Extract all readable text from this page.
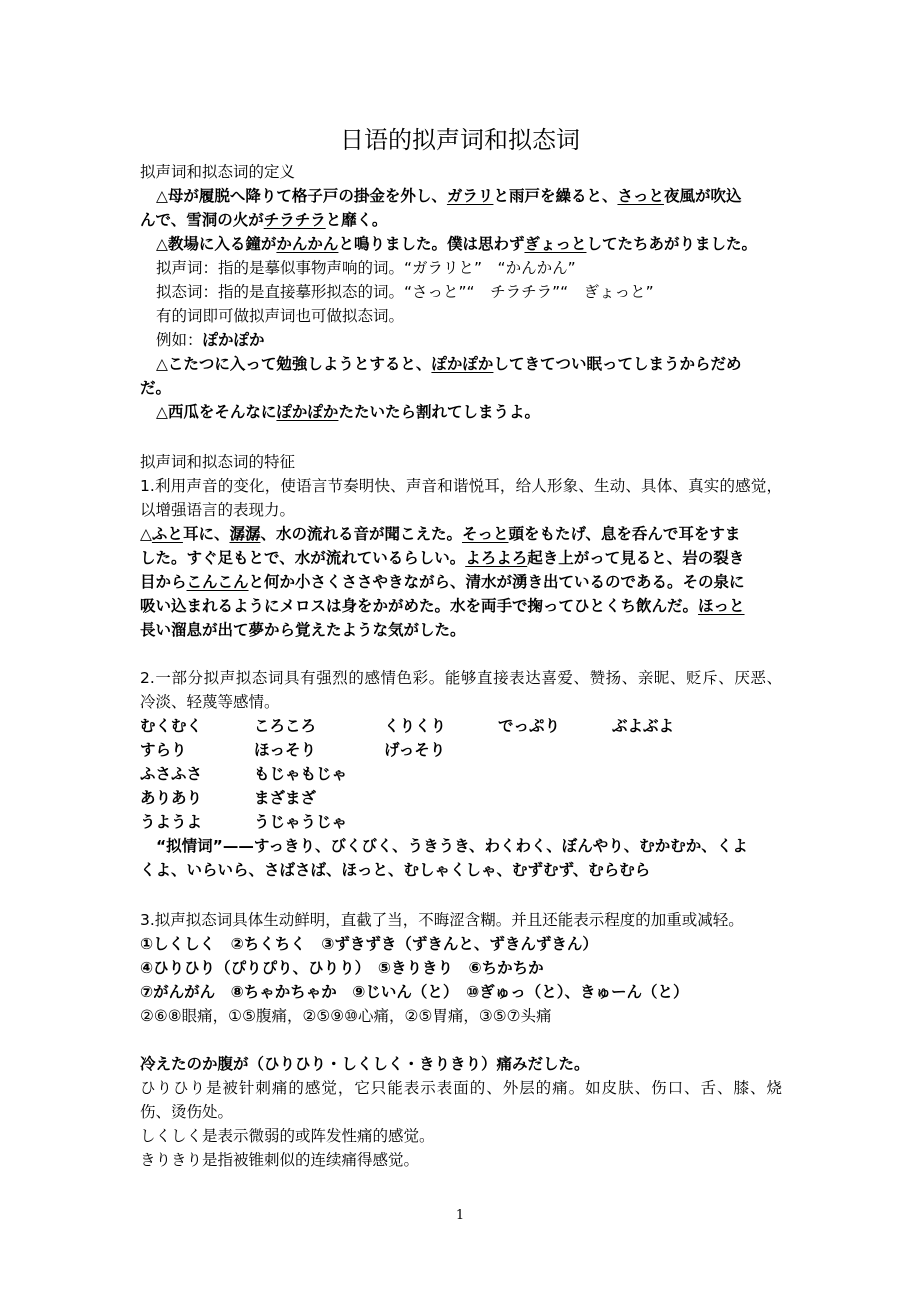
日语的拟声词和拟态词
拟声词和拟态词的定义
△母が履脱へ降りて格子戸の掛金を外し、ガラリと雨戸を繰ると、さっと夜風が吹込
んで、雪洞の火がチラチラと靡く。
△教場に入る鐘がかんかんと鳴りました。僕は思わずぎょっとしてたちあがりました。
拟声词：指的是摹似事物声响的词。“ガラリと”　“かんかん”
拟态词：指的是直接摹形拟态的词。“さっと”“　チラチラ”“　ぎょっと”
有的词即可做拟声词也可做拟态词。
例如：ぽかぽか
△こたつに入って勉強しようとすると、ぽかぽかしてきてつい眠ってしまうからだめ
だ。
△西瓜をそんなにぽかぽかたたいたら割れてしまうよ。
拟声词和拟态词的特征
1.利用声音的变化，使语言节奏明快、声音和谐悦耳，给人形象、生动、具体、真实的感觉，
以增强语言的表现力。
△ふと耳に、潺潺、水の流れる音が聞こえた。そっと頭をもたげ、息を呑んで耳をすま
した。すぐ足もとで、水が流れているらしい。よろよろ起き上がって見ると、岩の裂き
目からこんこんと何か小さくささやきながら、清水が湧き出ているのである。その泉に
吸い込まれるようにメロスは身をかがめた。水を両手で掬ってひとくち飲んだ。ほっと
長い溜息が出て夢から覚えたような気がした。
2.一部分拟声拟态词具有强烈的感情色彩。能够直接表达喜爱、赞扬、亲昵、贬斥、厌恶、
冷淡、轻蔑等感情。
むくむく	ころころ	くりくり	でっぷり	ぶよぶよ
すらり	ほっそり	げっそり
ふさふさ	もじゃもじゃ
ありあり	まざまざ
うようよ	うじゃうじゃ
“拟情词”——すっきり、びくびく、うきうき、わくわく、ぼんやり、むかむか、くよ
くよ、いらいら、さばさば、ほっと、むしゃくしゃ、むずむず、むらむら
3.拟声拟态词具体生动鲜明，直截了当，不晦涩含糊。并且还能表示程度的加重或减轻。
①しくしく　②ちくちく　③ずきずき（ずきんと、ずきんずきん）
④ひりひり（ぴりぴり、ひりり）　⑤きりきり　⑥ちかちか
⑦がんがん　⑧ちゃかちゃか　⑨じいん（と）　⑩ぎゅっ（と）、きゅーん（と）
②⑥⑧眼痛，①⑤腹痛，②⑤⑨⑩心痛，②⑤胃痛，③⑤⑦头痛
冷えたのか腹が（ひりひり・しくしく・きりきり）痛みだした。
ひりひり是被针刺痛的感觉，它只能表示表面的、外层的痛。如皮肤、伤口、舌、膝、烧
伤、烫伤处。
しくしく是表示微弱的或阵发性痛的感觉。
きりきり是指被锥刺似的连续痛得感觉。
1
